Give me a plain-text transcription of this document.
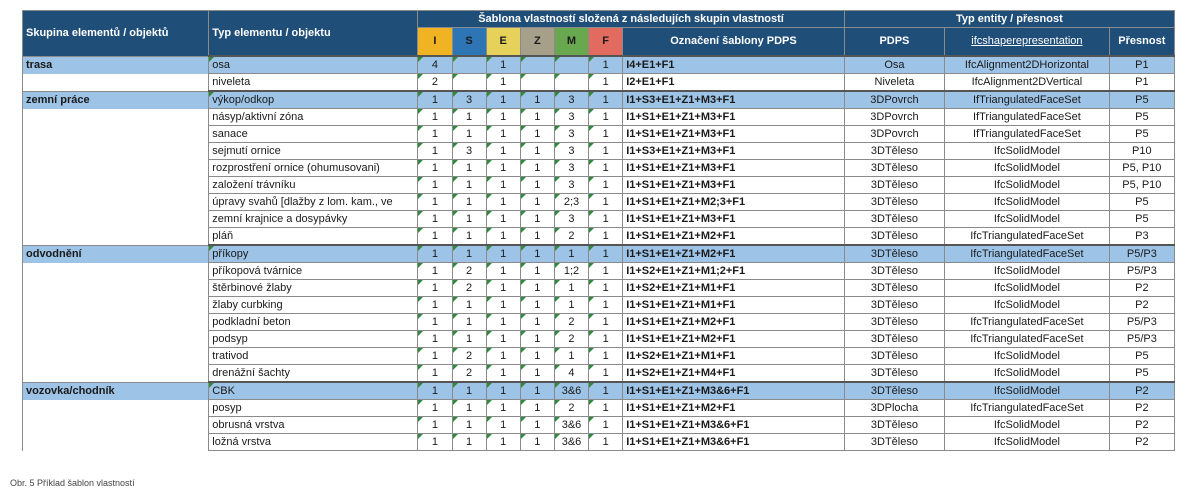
Skupina elementů / objektů	Typ elementu / objektu	Šablona vlastností složená z následujích skupin vlastností							Typ entity / přesnost		
		I	S	E	Z	M	F	Označení šablony PDPS	PDPS	ifcshaperepresentation	Přesnost
trasa	osa	4		1			1	I4+E1+F1	Osa	IfcAlignment2DHorizontal	P1
	niveleta	2		1			1	I2+E1+F1	Niveleta	IfcAlignment2DVertical	P1
zemní práce	výkop/odkop	1	3	1	1	3	1	I1+S3+E1+Z1+M3+F1	3DPovrch	IfTriangulatedFaceSet	P5
	násyp/aktivní zóna	1	1	1	1	3	1	I1+S1+E1+Z1+M3+F1	3DPovrch	IfTriangulatedFaceSet	P5
	sanace	1	1	1	1	3	1	I1+S1+E1+Z1+M3+F1	3DPovrch	IfTriangulatedFaceSet	P5
	sejmutí ornice	1	3	1	1	3	1	I1+S3+E1+Z1+M3+F1	3DTěleso	IfcSolidModel	P10
	rozprostření ornice (ohumusovani)	1	1	1	1	3	1	I1+S1+E1+Z1+M3+F1	3DTěleso	IfcSolidModel	P5, P10
	založení trávníku	1	1	1	1	3	1	I1+S1+E1+Z1+M3+F1	3DTěleso	IfcSolidModel	P5, P10
	úpravy svahů [dlažby z lom. kam., ve	1	1	1	1	2;3	1	I1+S1+E1+Z1+M2;3+F1	3DTěleso	IfcSolidModel	P5
	zemní krajnice a dosypávky	1	1	1	1	3	1	I1+S1+E1+Z1+M3+F1	3DTěleso	IfcSolidModel	P5
	pláň	1	1	1	1	2	1	I1+S1+E1+Z1+M2+F1	3DTěleso	IfcTriangulatedFaceSet	P3
odvodnění	příkopy	1	1	1	1	1	1	I1+S1+E1+Z1+M2+F1	3DTěleso	IfcTriangulatedFaceSet	P5/P3
	příkopová tvárnice	1	2	1	1	1;2	1	I1+S2+E1+Z1+M1;2+F1	3DTěleso	IfcSolidModel	P5/P3
	štěrbinové žlaby	1	2	1	1	1	1	I1+S2+E1+Z1+M1+F1	3DTěleso	IfcSolidModel	P2
	žlaby curbking	1	1	1	1	1	1	I1+S1+E1+Z1+M1+F1	3DTěleso	IfcSolidModel	P2
	podkladní beton	1	1	1	1	2	1	I1+S1+E1+Z1+M2+F1	3DTěleso	IfcTriangulatedFaceSet	P5/P3
	podsyp	1	1	1	1	2	1	I1+S1+E1+Z1+M2+F1	3DTěleso	IfcTriangulatedFaceSet	P5/P3
	trativod	1	2	1	1	1	1	I1+S2+E1+Z1+M1+F1	3DTěleso	IfcSolidModel	P5
	drenážní šachty	1	2	1	1	4	1	I1+S2+E1+Z1+M4+F1	3DTěleso	IfcSolidModel	P5
vozovka/chodník	CBK	1	1	1	1	3&6	1	I1+S1+E1+Z1+M3&6+F1	3DTěleso	IfcSolidModel	P2
	posyp	1	1	1	1	2	1	I1+S1+E1+Z1+M2+F1	3DPlocha	IfcTriangulatedFaceSet	P2
	obrusná vrstva	1	1	1	1	3&6	1	I1+S1+E1+Z1+M3&6+F1	3DTěleso	IfcSolidModel	P2
	ložná vrstva	1	1	1	1	3&6	1	I1+S1+E1+Z1+M3&6+F1	3DTěleso	IfcSolidModel	P2
Obr. 5 Příklad šablon vlastností
